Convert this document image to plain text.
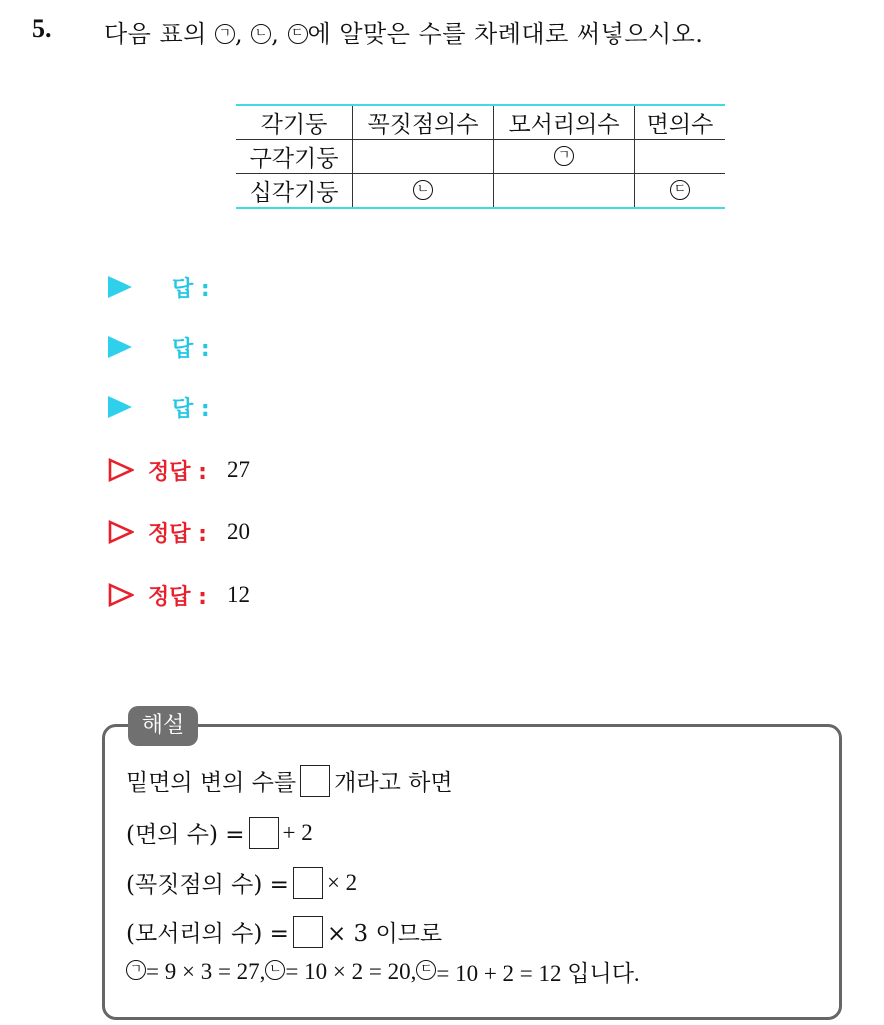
5. 다음 표의 ㄱ , ㄴ , ㄷ 에 알맞은 수를 차례대로 써넣으시오.
각기둥	꼭짓점의수	모서리의수	면의수
구각기둥		ㄱ	
십각기둥	ㄴ		ㄷ
답 :
답 :
답 :
정답 : 27
정답 : 20
정답 : 12
해설
밑면의 변의 수를 개라고 하면
(면의 수) = + 2
(꼭짓점의 수) = × 2
(모서리의 수) = × 3 이므로
ㄱ = 9 × 3 = 27, ㄴ = 10 × 2 = 20, ㄷ = 10 + 2 = 12 입니다.
